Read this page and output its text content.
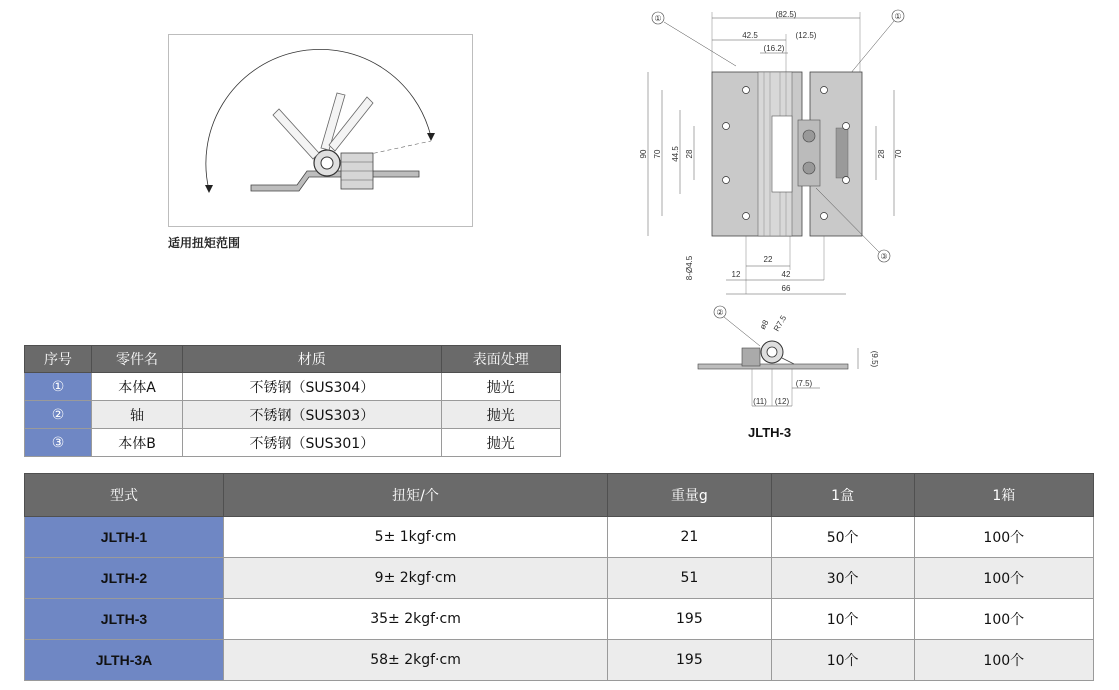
适用扭矩范围
(82.5)
42.5	(12.5)
(16.2)
①	①
90 70 44.5 28	28 70
8-Ø4.5	22
12	42
66
③
②
ø8 R7.5
(9.5)
(7.5)
(11) (12)
JLTH-3
序号	零件名	材质	表面处理
①	本体A	不锈钢（SUS304）	抛光
②	轴	不锈钢（SUS303）	抛光
③	本体B	不锈钢（SUS301）	抛光
型式	扭矩/个	重量g	1盒	1箱
JLTH-1	5± 1kgf·cm	21	50个	100个
JLTH-2	9± 2kgf·cm	51	30个	100个
JLTH-3	35± 2kgf·cm	195	10个	100个
JLTH-3A	58± 2kgf·cm	195	10个	100个
